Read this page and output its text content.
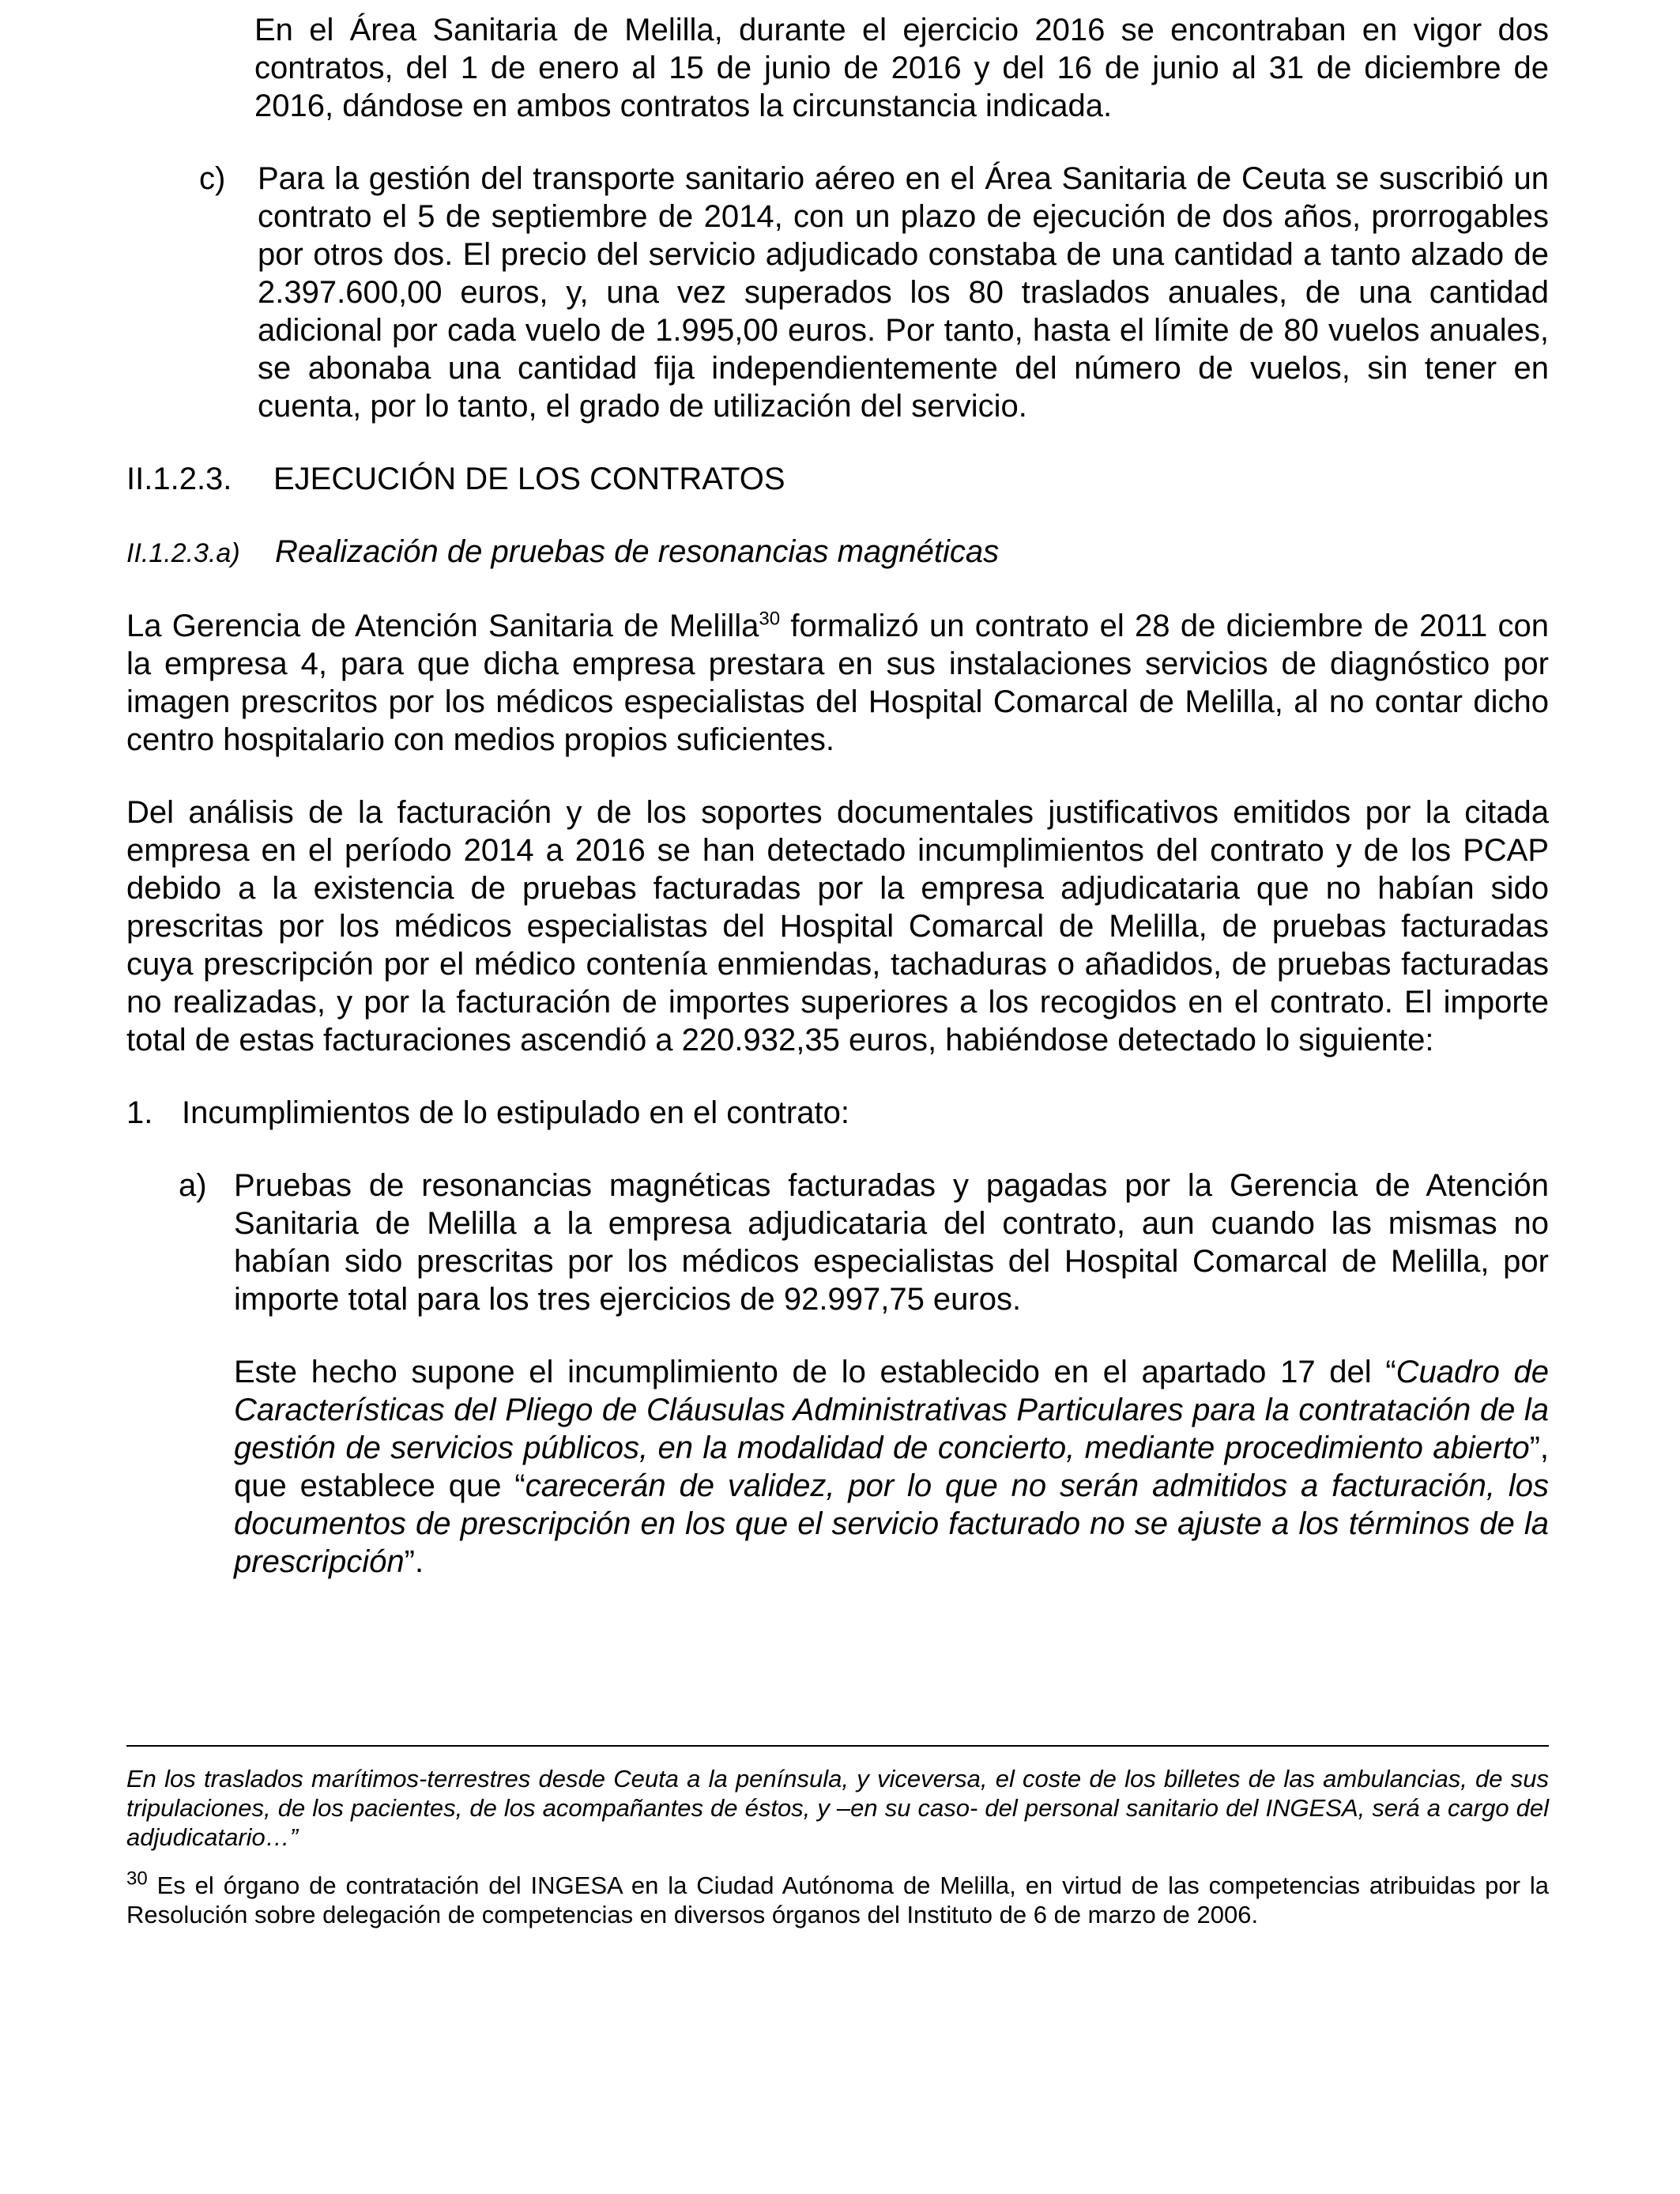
En el Área Sanitaria de Melilla, durante el ejercicio 2016 se encontraban en vigor dos contratos, del 1 de enero al 15 de junio de 2016 y del 16 de junio al 31 de diciembre de 2016, dándose en ambos contratos la circunstancia indicada.

c)	Para la gestión del transporte sanitario aéreo en el Área Sanitaria de Ceuta se suscribió un contrato el 5 de septiembre de 2014, con un plazo de ejecución de dos años, prorrogables por otros dos. El precio del servicio adjudicado constaba de una cantidad a tanto alzado de 2.397.600,00 euros, y, una vez superados los 80 traslados anuales, de una cantidad adicional por cada vuelo de 1.995,00 euros. Por tanto, hasta el límite de 80 vuelos anuales, se abonaba una cantidad fija independientemente del número de vuelos, sin tener en cuenta, por lo tanto, el grado de utilización del servicio.
II.1.2.3. EJECUCIÓN DE LOS CONTRATOS
II.1.2.3.a) Realización de pruebas de resonancias magnéticas

La Gerencia de Atención Sanitaria de Melilla$^{30}$ formalizó un contrato el 28 de diciembre de 2011 con la empresa 4, para que dicha empresa prestara en sus instalaciones servicios de diagnóstico por imagen prescritos por los médicos especialistas del Hospital Comarcal de Melilla, al no contar dicho centro hospitalario con medios propios suficientes.

Del análisis de la facturación y de los soportes documentales justificativos emitidos por la citada empresa en el período 2014 a 2016 se han detectado incumplimientos del contrato y de los PCAP debido a la existencia de pruebas facturadas por la empresa adjudicataria que no habían sido prescritas por los médicos especialistas del Hospital Comarcal de Melilla, de pruebas facturadas cuya prescripción por el médico contenía enmiendas, tachaduras o añadidos, de pruebas facturadas no realizadas, y por la facturación de importes superiores a los recogidos en el contrato. El importe total de estas facturaciones ascendió a 220.932,35 euros, habiéndose detectado lo siguiente:

1. Incumplimientos de lo estipulado en el contrato:
a) Pruebas de resonancias magnéticas facturadas y pagadas por la Gerencia de Atención Sanitaria de Melilla a la empresa adjudicataria del contrato, aun cuando las mismas no habían sido prescritas por los médicos especialistas del Hospital Comarcal de Melilla, por importe total para los tres ejercicios de 92.997,75 euros.

Este hecho supone el incumplimiento de lo establecido en el apartado 17 del “Cuadro de Características del Pliego de Cláusulas Administrativas Particulares para la contratación de la gestión de servicios públicos, en la modalidad de concierto, mediante procedimiento abierto”, que establece que “carecerán de validez, por lo que no serán admitidos a facturación, los documentos de prescripción en los que el servicio facturado no se ajuste a los términos de la prescripción”.

En los traslados marítimos-terrestres desde Ceuta a la península, y viceversa, el coste de los billetes de las ambulancias, de sus tripulaciones, de los pacientes, de los acompañantes de éstos, y –en su caso- del personal sanitario del INGESA, será a cargo del adjudicatario…”

$^{30}$ Es el órgano de contratación del INGESA en la Ciudad Autónoma de Melilla, en virtud de las competencias atribuidas por la Resolución sobre delegación de competencias en diversos órganos del Instituto de 6 de marzo de 2006.
